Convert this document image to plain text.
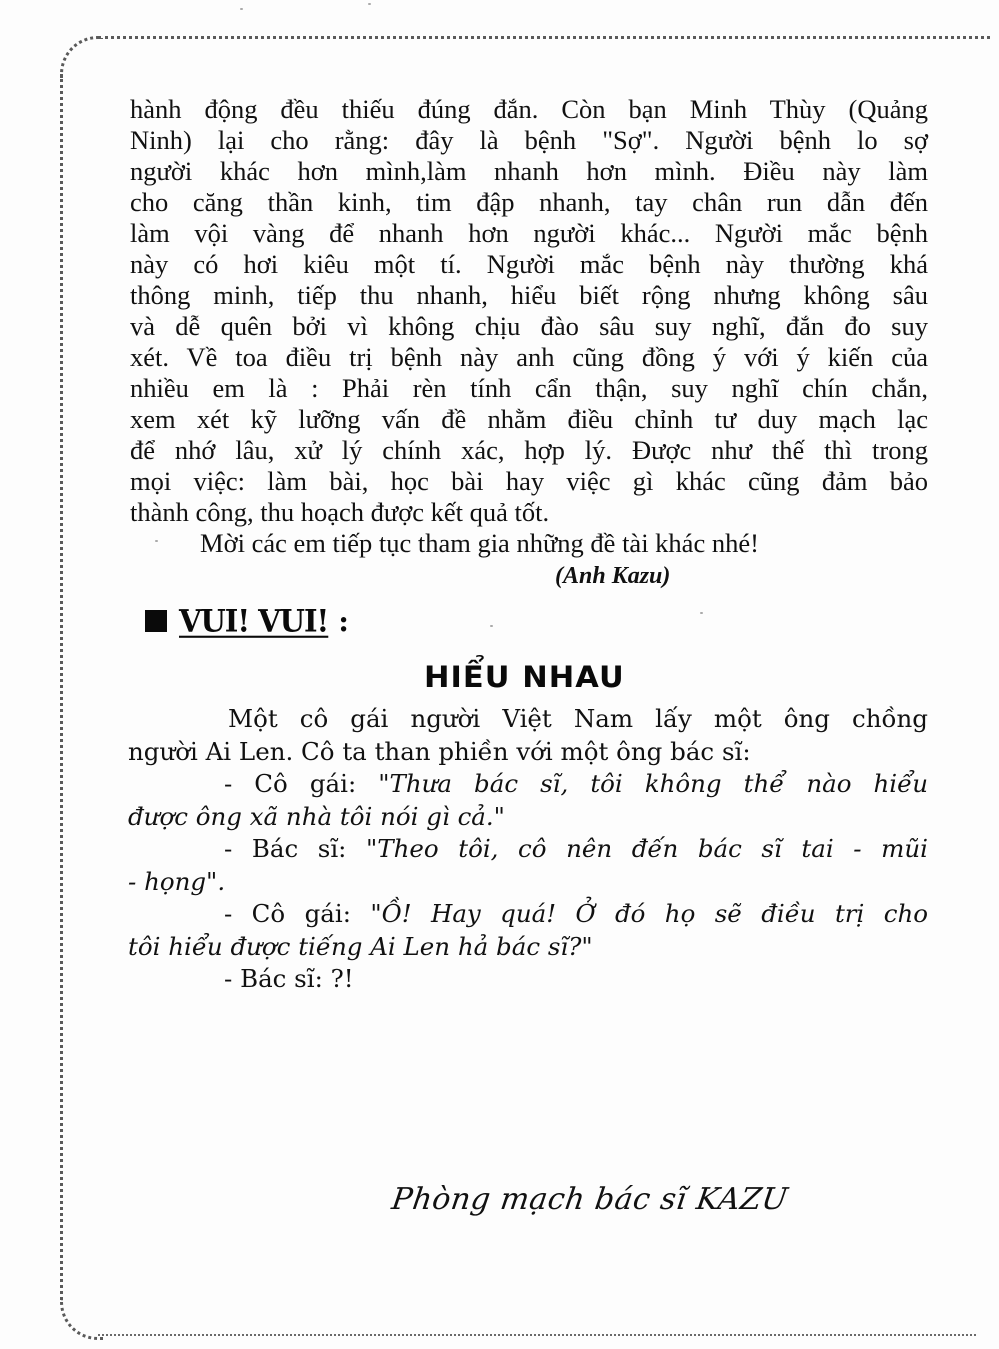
hành động đều thiếu đúng đắn. Còn bạn Minh Thùy (Quảng
Ninh) lại cho rằng: đây là bệnh "Sợ". Người bệnh lo sợ
người khác hơn mình,làm nhanh hơn mình. Điều này làm
cho căng thần kinh, tim đập nhanh, tay chân run dẫn đến
làm vội vàng để nhanh hơn người khác... Người mắc bệnh
này có hơi kiêu một tí. Người mắc bệnh này thường khá
thông minh, tiếp thu nhanh, hiểu biết rộng nhưng không sâu
và dễ quên bởi vì không chịu đào sâu suy nghĩ, đắn đo suy
xét. Về toa điều trị bệnh này anh cũng đồng ý với ý kiến của
nhiều em là : Phải rèn tính cẩn thận, suy nghĩ chín chắn,
xem xét kỹ lưỡng vấn đề nhằm điều chỉnh tư duy mạch lạc
để nhớ lâu, xử lý chính xác, hợp lý. Được như thế thì trong
mọi việc: làm bài, học bài hay việc gì khác cũng đảm bảo
thành công, thu hoạch được kết quả tốt.

Mời các em tiếp tục tham gia những đề tài khác nhé!

(Anh Kazu)

VUI! VUI! :
HIỂU NHAU
Một cô gái người Việt Nam lấy một ông chồng
người Ai Len. Cô ta than phiền với một ông bác sĩ:
- Cô gái: "Thưa bác sĩ, tôi không thể nào hiểu
được ông xã nhà tôi nói gì cả."
- Bác sĩ: "Theo tôi, cô nên đến bác sĩ tai - mũi
- họng".
- Cô gái: "Ồ! Hay quá! Ở đó họ sẽ điều trị cho
tôi hiểu được tiếng Ai Len hả bác sĩ?"
- Bác sĩ: ?!
Phòng mạch bác sĩ KAZU
